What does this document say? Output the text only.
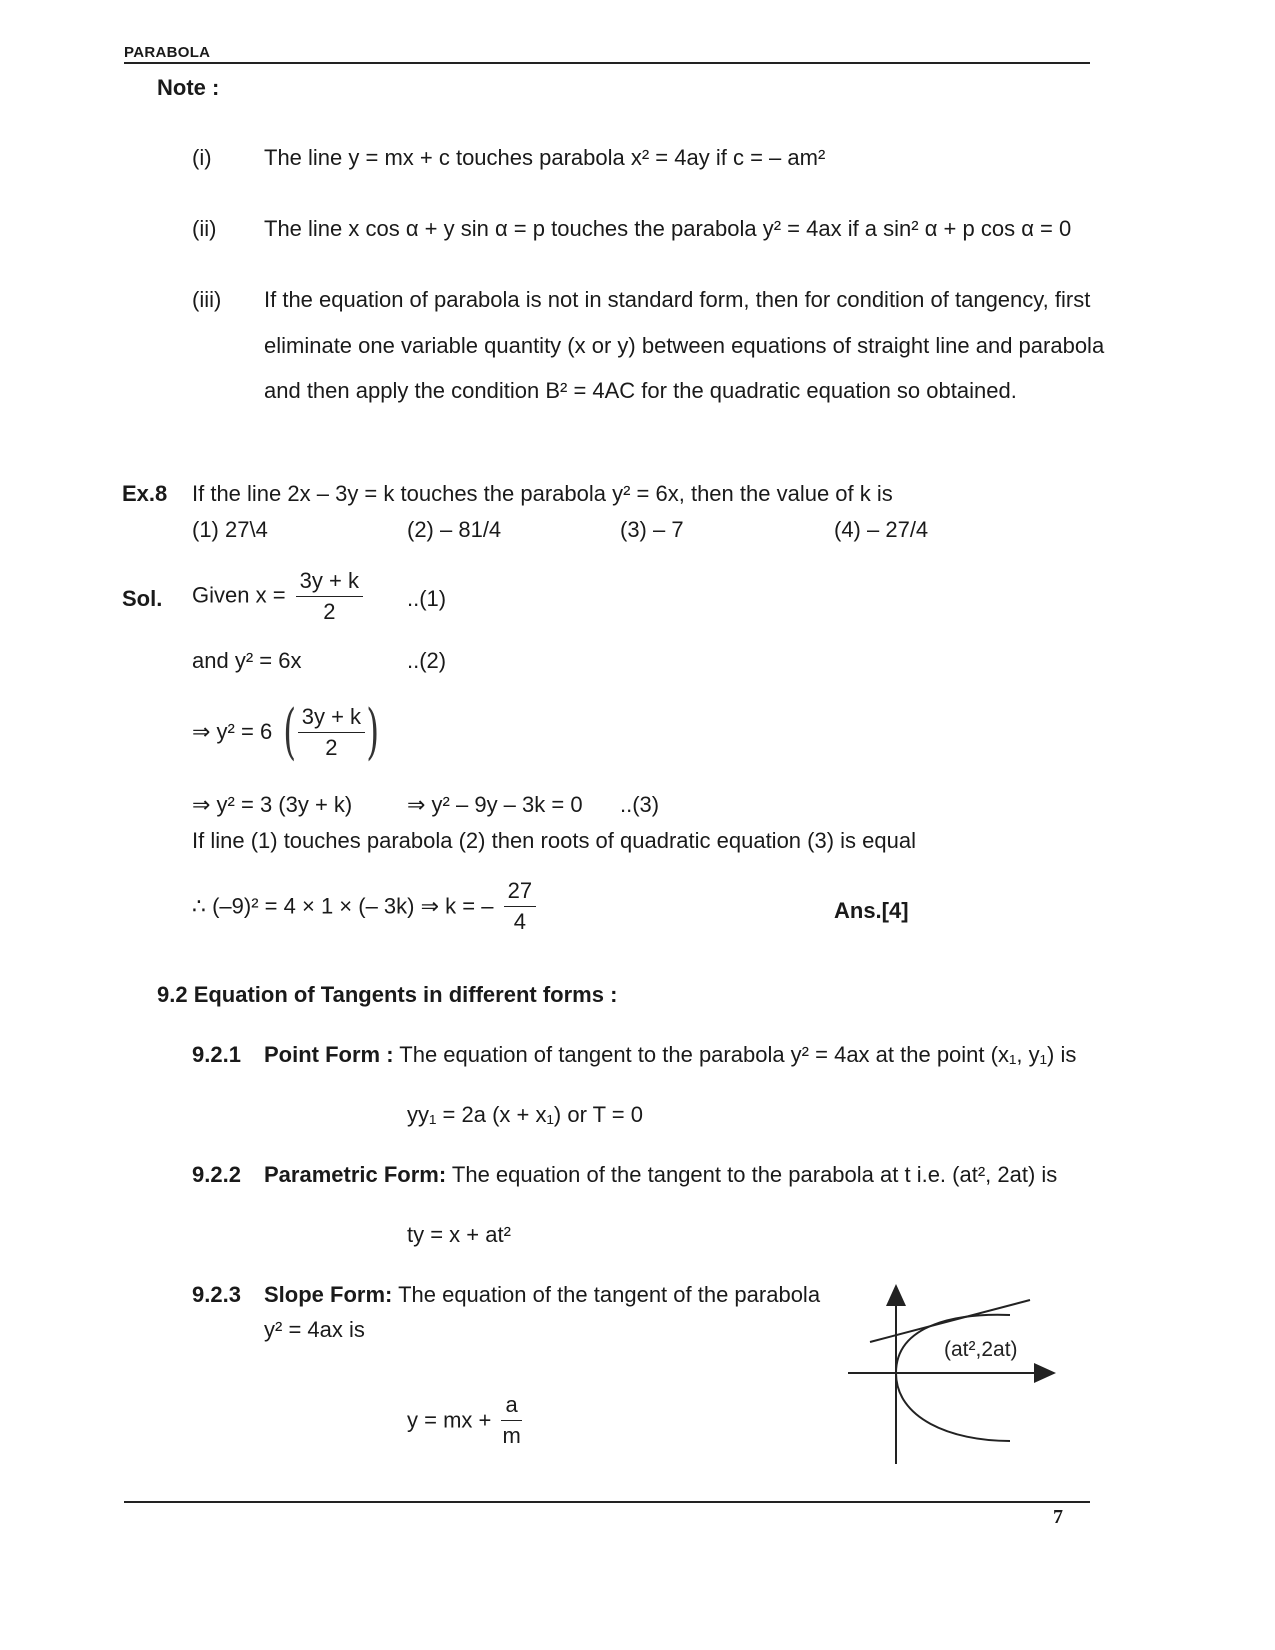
PARABOLA
Note :
(i) The line y = mx + c touches parabola x² = 4ay if c = – am²
(ii) The line x cos α + y sin α = p touches the parabola y² = 4ax if a sin² α + p cos α = 0
(iii) If the equation of parabola is not in standard form, then for condition of tangency, first
eliminate one variable quantity (x or y) between equations of straight line and parabola
and then apply the condition B² = 4AC for the quadratic equation so obtained.
Ex.8 If the line 2x – 3y = k touches the parabola y² = 6x, then the value of k is
(1) 27\4	(2) – 81/4	(3) – 7	(4) – 27/4
Sol. Given $x = \frac{3y + k}{2} ..(1)$
and y² = 6x	..(2)
⇒ y² = 6 ( $\frac{3y + k}{2}$ )
⇒ y² = 3 (3y + k) ⇒ y² – 9y – 3k = 0 ..(3)
If line (1) touches parabola (2) then roots of quadratic equation (3) is equal
∴ (–9)² = 4 × 1 × (– 3k) ⇒ k = – $\frac{27}{4}$	Ans.[4]
9.2 Equation of Tangents in different forms :
9.2.1 Point Form : The equation of tangent to the parabola y² = 4ax at the point (x₁, y₁) is
yy₁ = 2a (x + x₁) or T = 0
9.2.2 Parametric Form: The equation of the tangent to the parabola at t i.e. (at², 2at) is
ty = x + at²
9.2.3 Slope Form: The equation of the tangent of the parabola
y² = 4ax is
y = mx + $\frac{a}{m}$
(at²,2at)
7
